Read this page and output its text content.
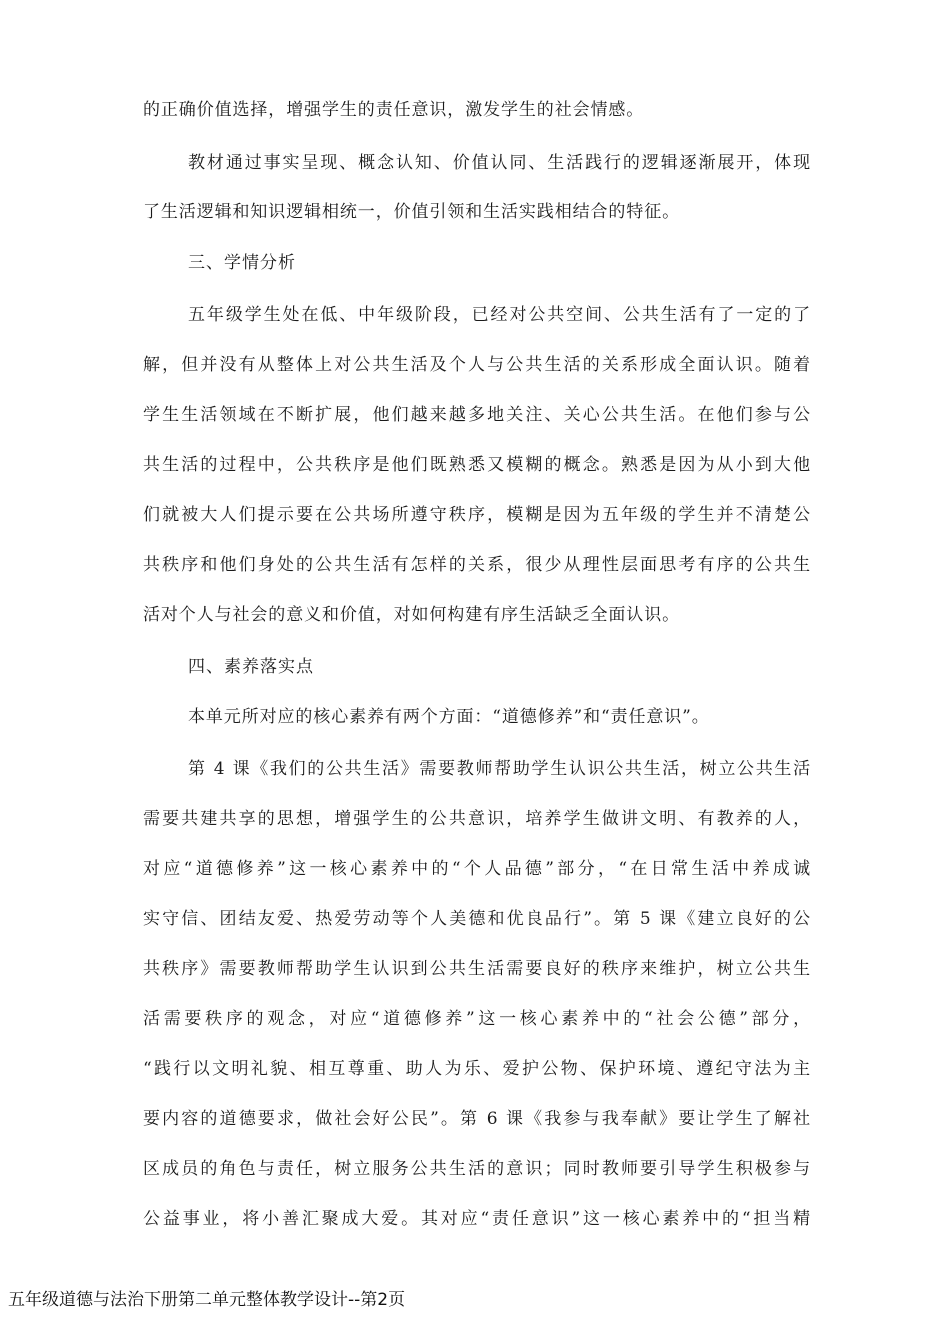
的正确价值选择，增强学生的责任意识，激发学生的社会情感。
教材通过事实呈现、概念认知、价值认同、生活践行的逻辑逐渐展开，体现
了生活逻辑和知识逻辑相统一，价值引领和生活实践相结合的特征。
三、学情分析
五年级学生处在低、中年级阶段，已经对公共空间、公共生活有了一定的了
解，但并没有从整体上对公共生活及个人与公共生活的关系形成全面认识。随着
学生生活领域在不断扩展，他们越来越多地关注、关心公共生活。在他们参与公
共生活的过程中，公共秩序是他们既熟悉又模糊的概念。熟悉是因为从小到大他
们就被大人们提示要在公共场所遵守秩序，模糊是因为五年级的学生并不清楚公
共秩序和他们身处的公共生活有怎样的关系，很少从理性层面思考有序的公共生
活对个人与社会的意义和价值，对如何构建有序生活缺乏全面认识。
四、素养落实点
本单元所对应的核心素养有两个方面：“道德修养”和“责任意识”。
第 4 课《我们的公共生活》需要教师帮助学生认识公共生活，树立公共生活
需要共建共享的思想，增强学生的公共意识，培养学生做讲文明、有教养的人，
对应“道德修养”这一核心素养中的“个人品德”部分，“在日常生活中养成诚
实守信、团结友爱、热爱劳动等个人美德和优良品行”。第 5 课《建立良好的公
共秩序》需要教师帮助学生认识到公共生活需要良好的秩序来维护，树立公共生
活需要秩序的观念，对应“道德修养”这一核心素养中的“社会公德”部分，
“践行以文明礼貌、相互尊重、助人为乐、爱护公物、保护环境、遵纪守法为主
要内容的道德要求，做社会好公民”。第 6 课《我参与我奉献》要让学生了解社
区成员的角色与责任，树立服务公共生活的意识；同时教师要引导学生积极参与
公益事业，将小善汇聚成大爱。其对应“责任意识”这一核心素养中的“担当精
五年级道德与法治下册第二单元整体教学设计--第2页
